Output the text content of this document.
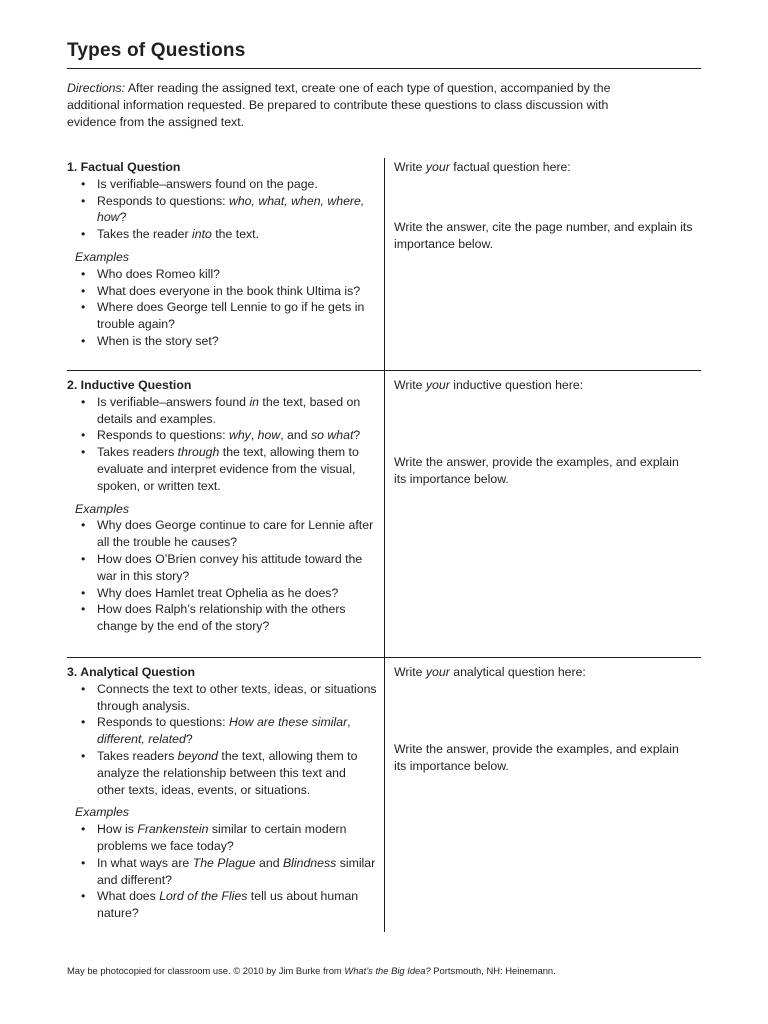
Types of Questions
Directions: After reading the assigned text, create one of each type of question, accompanied by the additional information requested. Be prepared to contribute these questions to class discussion with evidence from the assigned text.
1. Factual Question
• Is verifiable–answers found on the page.
• Responds to questions: who, what, when, where, how?
• Takes the reader into the text.
Examples
• Who does Romeo kill?
• What does everyone in the book think Ultima is?
• Where does George tell Lennie to go if he gets in trouble again?
• When is the story set?
Write your factual question here:
Write the answer, cite the page number, and explain its importance below.
2. Inductive Question
• Is verifiable–answers found in the text, based on details and examples.
• Responds to questions: why, how, and so what?
• Takes readers through the text, allowing them to evaluate and interpret evidence from the visual, spoken, or written text.
Examples
• Why does George continue to care for Lennie after all the trouble he causes?
• How does O’Brien convey his attitude toward the war in this story?
• Why does Hamlet treat Ophelia as he does?
• How does Ralph’s relationship with the others change by the end of the story?
Write your inductive question here:
Write the answer, provide the examples, and explain its importance below.
3. Analytical Question
• Connects the text to other texts, ideas, or situations through analysis.
• Responds to questions: How are these similar, different, related?
• Takes readers beyond the text, allowing them to analyze the relationship between this text and other texts, ideas, events, or situations.
Examples
• How is Frankenstein similar to certain modern problems we face today?
• In what ways are The Plague and Blindness similar and different?
• What does Lord of the Flies tell us about human nature?
Write your analytical question here:
Write the answer, provide the examples, and explain its importance below.
May be photocopied for classroom use. © 2010 by Jim Burke from What’s the Big Idea? Portsmouth, NH: Heinemann.
